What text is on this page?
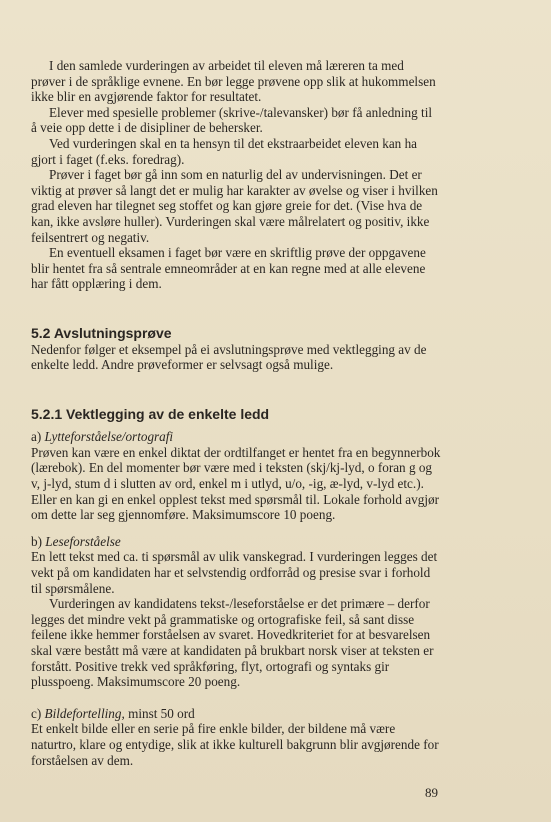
I den samlede vurderingen av arbeidet til eleven må læreren ta med prøver i de språklige evnene. En bør legge prøvene opp slik at hukommelsen ikke blir en avgjørende faktor for resultatet.

Elever med spesielle problemer (skrive-/talevansker) bør få anledning til å veie opp dette i de disipliner de behersker.

Ved vurderingen skal en ta hensyn til det ekstraarbeidet eleven kan ha gjort i faget (f.eks. foredrag).

Prøver i faget bør gå inn som en naturlig del av undervisningen. Det er viktig at prøver så langt det er mulig har karakter av øvelse og viser i hvilken grad eleven har tilegnet seg stoffet og kan gjøre greie for det. (Vise hva de kan, ikke avsløre huller). Vurderingen skal være målrelatert og positiv, ikke feilsentrert og negativ.

En eventuell eksamen i faget bør være en skriftlig prøve der oppgavene blir hentet fra så sentrale emneområder at en kan regne med at alle elevene har fått opplæring i dem.

5.2 Avslutningsprøve

Nedenfor følger et eksempel på ei avslutningsprøve med vektlegging av de enkelte ledd. Andre prøveformer er selvsagt også mulige.

5.2.1 Vektlegging av de enkelte ledd

a) Lytteforståelse/ortografi

Prøven kan være en enkel diktat der ordtilfanget er hentet fra en begynnerbok (lærebok). En del momenter bør være med i teksten (skj/kj-lyd, o foran g og v, j-lyd, stum d i slutten av ord, enkel m i utlyd, u/o, -ig, æ-lyd, v-lyd etc.). Eller en kan gi en enkel opplest tekst med spørsmål til. Lokale forhold avgjør om dette lar seg gjennomføre. Maksimumscore 10 poeng.

b) Leseforståelse

En lett tekst med ca. ti spørsmål av ulik vanskegrad. I vurderingen legges det vekt på om kandidaten har et selvstendig ordforråd og presise svar i forhold til spørsmålene.

Vurderingen av kandidatens tekst-/leseforståelse er det primære – derfor legges det mindre vekt på grammatiske og ortografiske feil, så sant disse feilene ikke hemmer forståelsen av svaret. Hovedkriteriet for at besvarelsen skal være bestått må være at kandidaten på brukbart norsk viser at teksten er forstått. Positive trekk ved språkføring, flyt, ortografi og syntaks gir plusspoeng. Maksimumscore 20 poeng.

c) Bildefortelling, minst 50 ord

Et enkelt bilde eller en serie på fire enkle bilder, der bildene må være naturtro, klare og entydige, slik at ikke kulturell bakgrunn blir avgjørende for forståelsen av dem.

89
